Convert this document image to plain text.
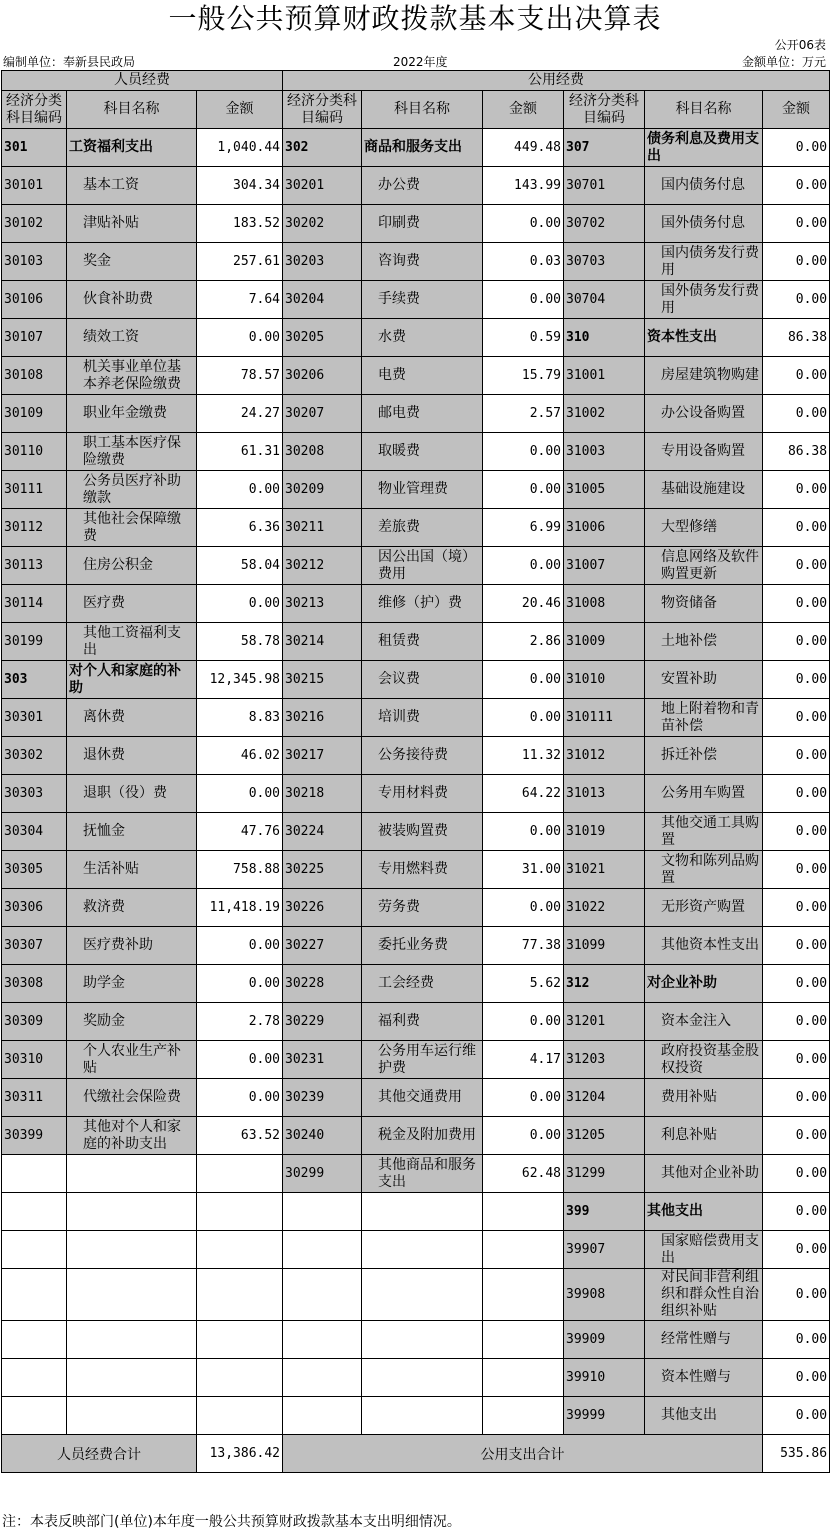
一般公共预算财政拨款基本支出决算表
公开06表
编制单位：奉新县民政局	2022年度	金额单位：万元
人员经费			公用经费					
经济分类科目编码	科目名称	金额	经济分类科目编码	科目名称	金额	经济分类科目编码	科目名称	金额
301	工资福利支出	1,040.44	302	商品和服务支出	449.48	307	债务利息及费用支出	0.00
30101	基本工资	304.34	30201	办公费	143.99	30701	国内债务付息	0.00
30102	津贴补贴	183.52	30202	印刷费	0.00	30702	国外债务付息	0.00
30103	奖金	257.61	30203	咨询费	0.03	30703	国内债务发行费用	0.00
30106	伙食补助费	7.64	30204	手续费	0.00	30704	国外债务发行费用	0.00
30107	绩效工资	0.00	30205	水费	0.59	310	资本性支出	86.38
30108	机关事业单位基本养老保险缴费	78.57	30206	电费	15.79	31001	房屋建筑物购建	0.00
30109	职业年金缴费	24.27	30207	邮电费	2.57	31002	办公设备购置	0.00
30110	职工基本医疗保险缴费	61.31	30208	取暖费	0.00	31003	专用设备购置	86.38
30111	公务员医疗补助缴款	0.00	30209	物业管理费	0.00	31005	基础设施建设	0.00
30112	其他社会保障缴费	6.36	30211	差旅费	6.99	31006	大型修缮	0.00
30113	住房公积金	58.04	30212	因公出国（境）费用	0.00	31007	信息网络及软件购置更新	0.00
30114	医疗费	0.00	30213	维修（护）费	20.46	31008	物资储备	0.00
30199	其他工资福利支出	58.78	30214	租赁费	2.86	31009	土地补偿	0.00
303	对个人和家庭的补助	12,345.98	30215	会议费	0.00	31010	安置补助	0.00
30301	离休费	8.83	30216	培训费	0.00	310111	地上附着物和青苗补偿	0.00
30302	退休费	46.02	30217	公务接待费	11.32	31012	拆迁补偿	0.00
30303	退职（役）费	0.00	30218	专用材料费	64.22	31013	公务用车购置	0.00
30304	抚恤金	47.76	30224	被装购置费	0.00	31019	其他交通工具购置	0.00
30305	生活补贴	758.88	30225	专用燃料费	31.00	31021	文物和陈列品购置	0.00
30306	救济费	11,418.19	30226	劳务费	0.00	31022	无形资产购置	0.00
30307	医疗费补助	0.00	30227	委托业务费	77.38	31099	其他资本性支出	0.00
30308	助学金	0.00	30228	工会经费	5.62	312	对企业补助	0.00
30309	奖励金	2.78	30229	福利费	0.00	31201	资本金注入	0.00
30310	个人农业生产补贴	0.00	30231	公务用车运行维护费	4.17	31203	政府投资基金股权投资	0.00
30311	代缴社会保险费	0.00	30239	其他交通费用	0.00	31204	费用补贴	0.00
30399	其他对个人和家庭的补助支出	63.52	30240	税金及附加费用	0.00	31205	利息补贴	0.00
			30299	其他商品和服务支出	62.48	31299	其他对企业补助	0.00
						399	其他支出	0.00
						39907	国家赔偿费用支出	0.00
						39908	对民间非营利组织和群众性自治组织补贴	0.00
						39909	经常性赠与	0.00
						39910	资本性赠与	0.00
						39999	其他支出	0.00
人员经费合计		13,386.42	公用支出合计					535.86
注：本表反映部门(单位)本年度一般公共预算财政拨款基本支出明细情况。
